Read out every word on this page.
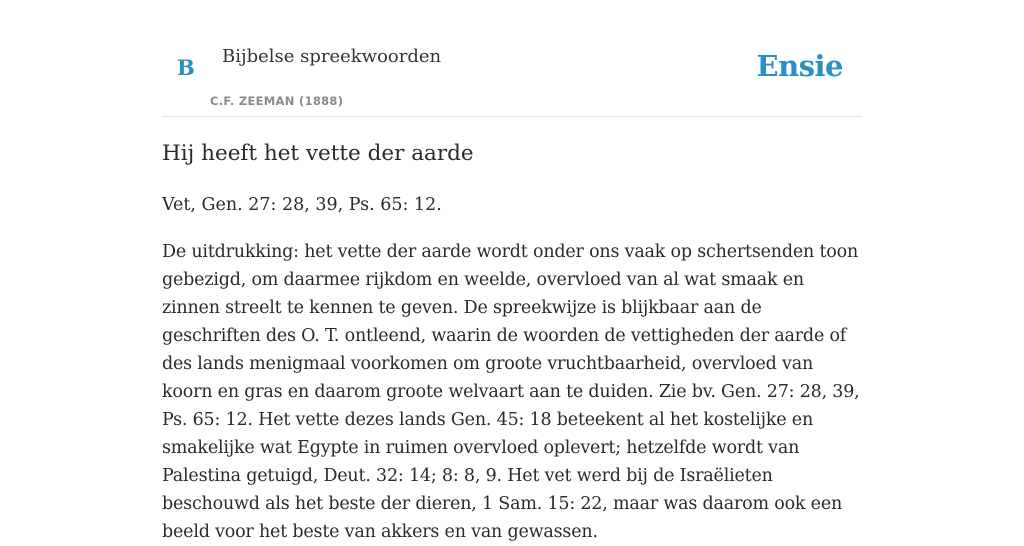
B Bijbelse spreekwoorden
C.F. ZEEMAN (1888)
Ensie
Hij heeft het vette der aarde

Vet, Gen. 27: 28, 39, Ps. 65: 12.

De uitdrukking: het vette der aarde wordt onder ons vaak op schertsenden toon gebezigd, om daarmee rijkdom en weelde, overvloed van al wat smaak en zinnen streelt te kennen te geven. De spreekwijze is blijkbaar aan de geschriften des O. T. ontleend, waarin de woorden de vettigheden der aarde of des lands menigmaal voorkomen om groote vruchtbaarheid, overvloed van koorn en gras en daarom groote welvaart aan te duiden. Zie bv. Gen. 27: 28, 39, Ps. 65: 12. Het vette dezes lands Gen. 45: 18 beteekent al het kostelijke en smakelijke wat Egypte in ruimen overvloed oplevert; hetzelfde wordt van Palestina getuigd, Deut. 32: 14; 8: 8, 9. Het vet werd bij de Israëlieten beschouwd als het beste der dieren, 1 Sam. 15: 22, maar was daarom ook een beeld voor het beste van akkers en van gewassen.
